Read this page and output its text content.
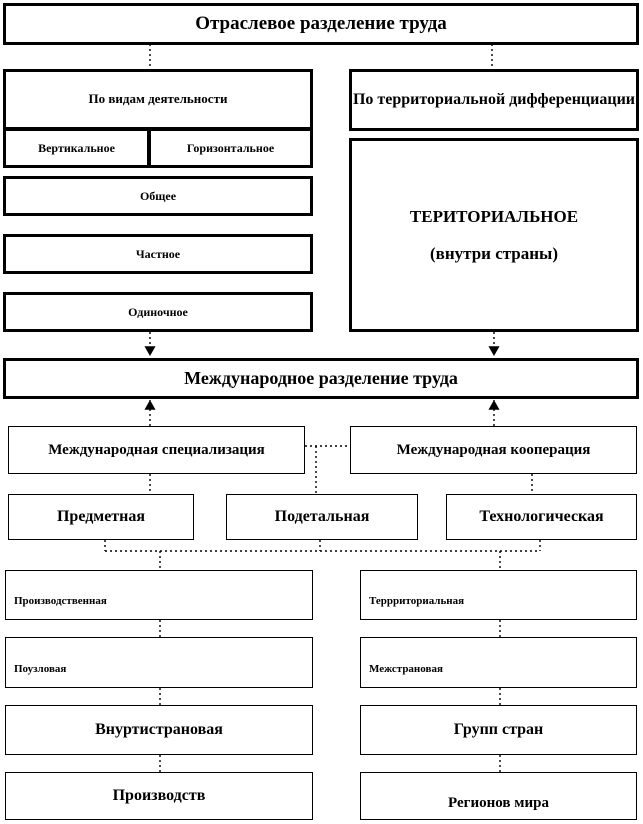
Отраслевое разделение труда
По видам деятельности
Вертикальное	Горизонтальное
Общее
Частное
Одиночное
По территориальной дифференциации
ТЕРИТОРИАЛЬНОЕ
(внутри страны)
Международное разделение труда
Международная специализация	Международная кооперация
Предметная	Подетальная	Технологическая
Производственная
Поузловая
Внуртистрановая
Производств
Террриториальная
Межстрановая
Групп стран
Регионов мира
